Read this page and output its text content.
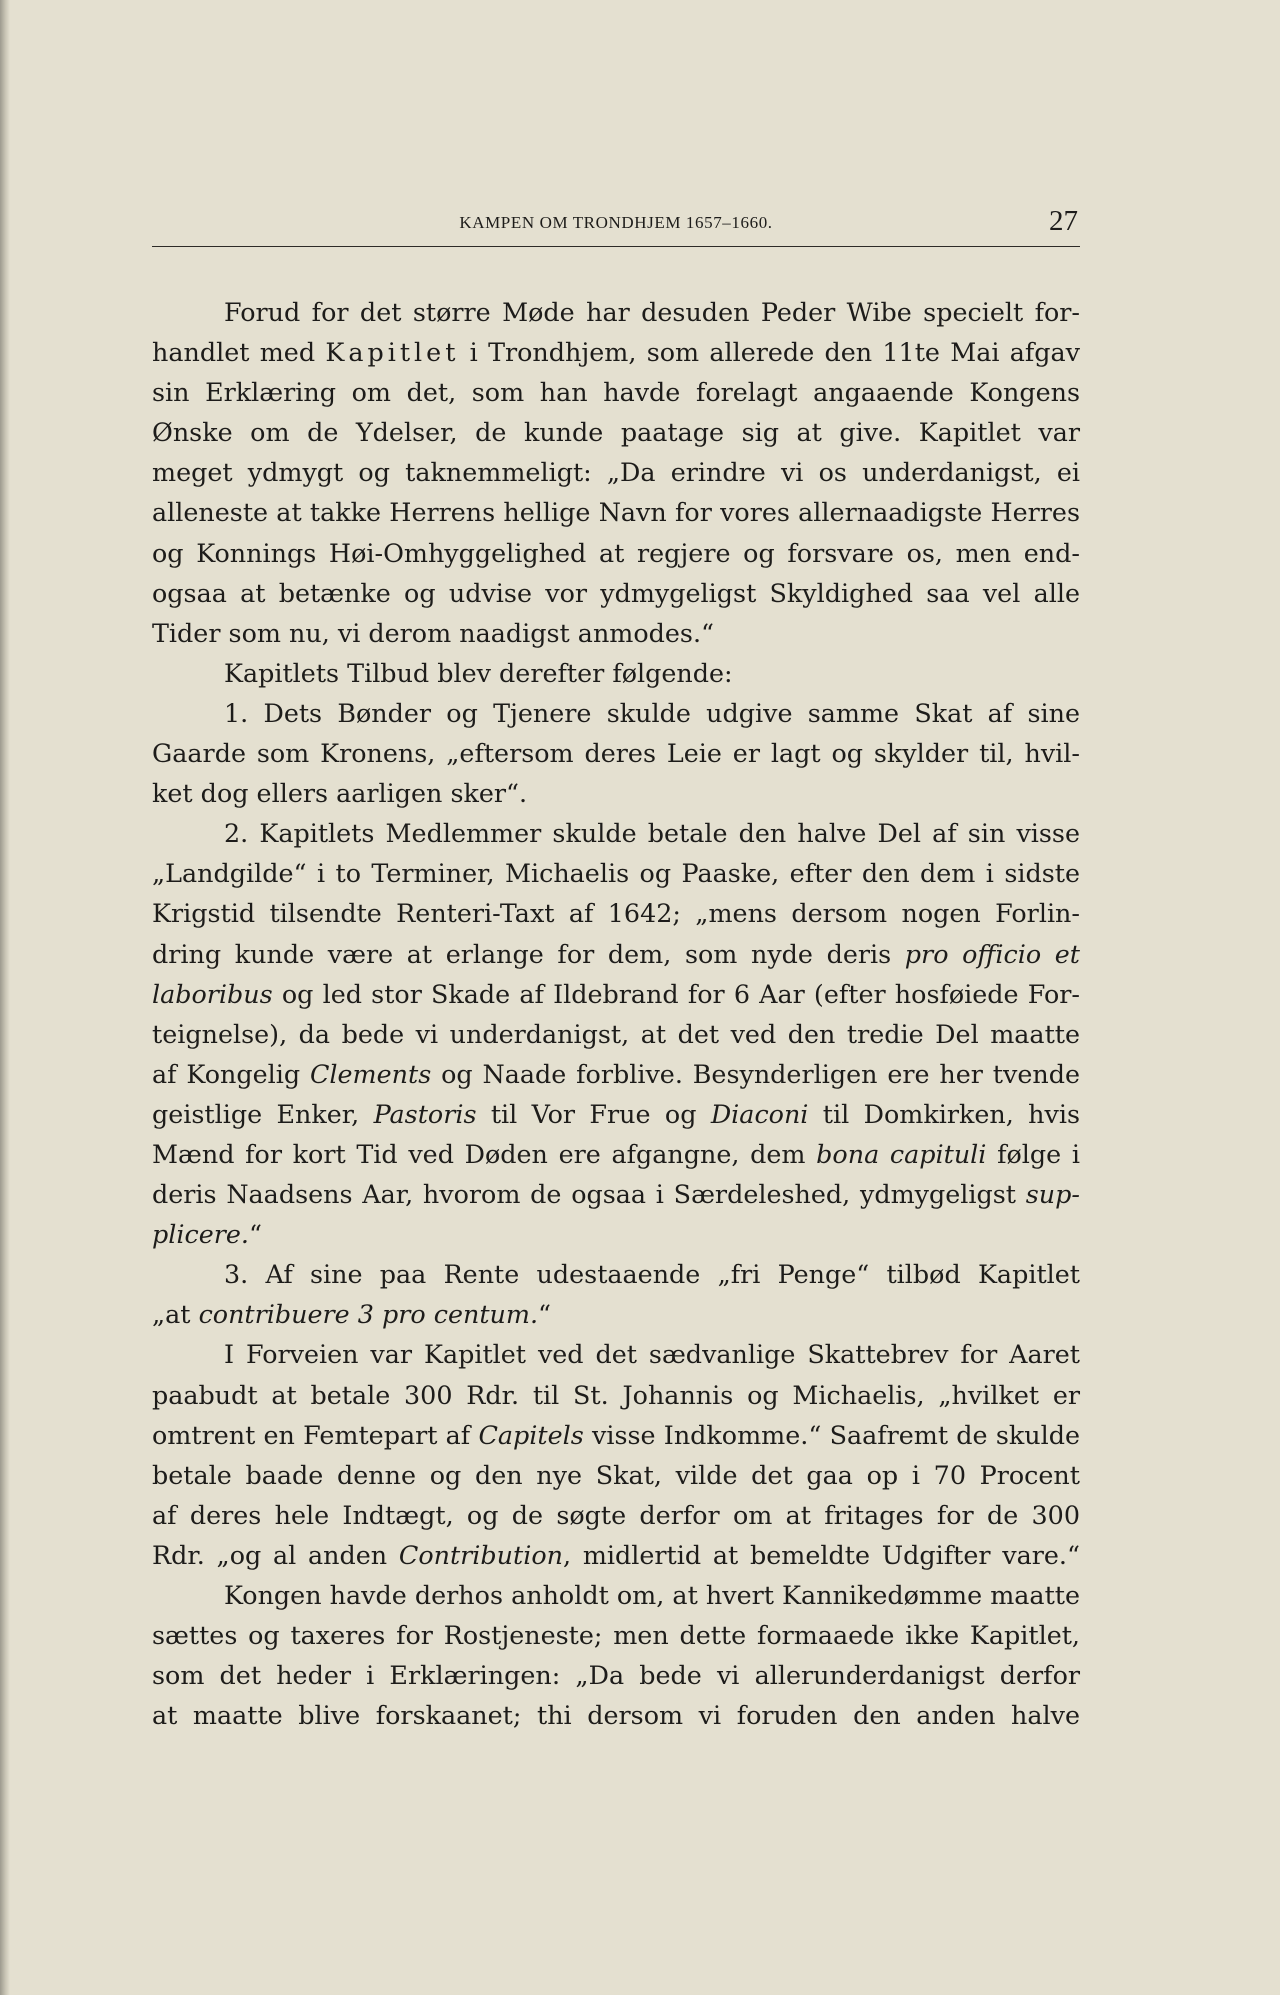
KAMPEN OM TRONDHJEM 1657–1660.	27
Forud for det større Møde har desuden Peder Wibe specielt for-
handlet med Kapitlet i Trondhjem, som allerede den 11te Mai afgav
sin Erklæring om det, som han havde forelagt angaaende Kongens
Ønske om de Ydelser, de kunde paatage sig at give. Kapitlet var
meget ydmygt og taknemmeligt: „Da erindre vi os underdanigst, ei
alleneste at takke Herrens hellige Navn for vores allernaadigste Herres
og Konnings Høi-Omhyggelighed at regjere og forsvare os, men end-
ogsaa at betænke og udvise vor ydmygeligst Skyldighed saa vel alle
Tider som nu, vi derom naadigst anmodes.“
Kapitlets Tilbud blev derefter følgende:
1. Dets Bønder og Tjenere skulde udgive samme Skat af sine
Gaarde som Kronens, „eftersom deres Leie er lagt og skylder til, hvil-
ket dog ellers aarligen sker“.
2. Kapitlets Medlemmer skulde betale den halve Del af sin visse
„Landgilde“ i to Terminer, Michaelis og Paaske, efter den dem i sidste
Krigstid tilsendte Renteri-Taxt af 1642; „mens dersom nogen Forlin-
dring kunde være at erlange for dem, som nyde deris pro officio et
laboribus og led stor Skade af Ildebrand for 6 Aar (efter hosføiede For-
teignelse), da bede vi underdanigst, at det ved den tredie Del maatte
af Kongelig Clements og Naade forblive. Besynderligen ere her tvende
geistlige Enker, Pastoris til Vor Frue og Diaconi til Domkirken, hvis
Mænd for kort Tid ved Døden ere afgangne, dem bona capituli følge i
deris Naadsens Aar, hvorom de ogsaa i Særdeleshed, ydmygeligst sup-
plicere.“
3. Af sine paa Rente udestaaende „fri Penge“ tilbød Kapitlet
„at contribuere 3 pro centum.“
I Forveien var Kapitlet ved det sædvanlige Skattebrev for Aaret
paabudt at betale 300 Rdr. til St. Johannis og Michaelis, „hvilket er
omtrent en Femtepart af Capitels visse Indkomme.“ Saafremt de skulde
betale baade denne og den nye Skat, vilde det gaa op i 70 Procent
af deres hele Indtægt, og de søgte derfor om at fritages for de 300
Rdr. „og al anden Contribution, midlertid at bemeldte Udgifter vare.“
Kongen havde derhos anholdt om, at hvert Kannikedømme maatte
sættes og taxeres for Rostjeneste; men dette formaaede ikke Kapitlet,
som det heder i Erklæringen: „Da bede vi allerunderdanigst derfor
at maatte blive forskaanet; thi dersom vi foruden den anden halve
